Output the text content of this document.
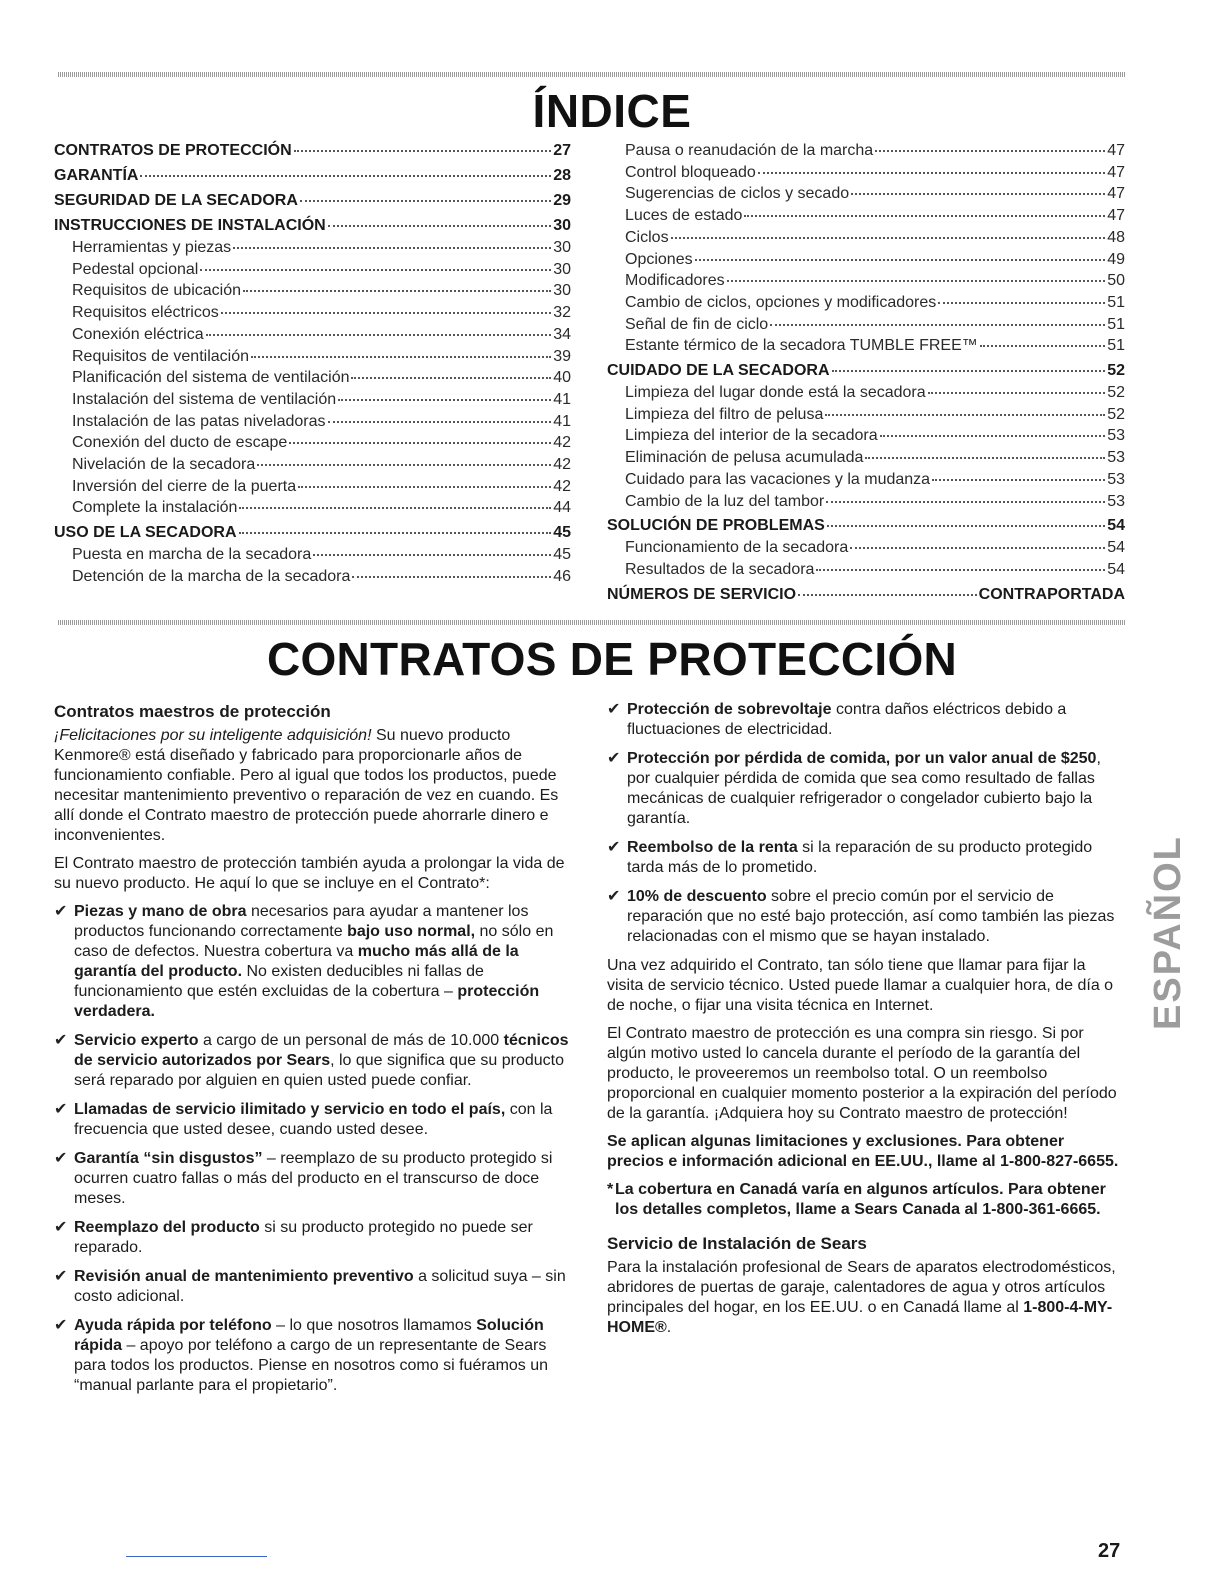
ÍNDICE
CONTRATOS DE PROTECCIÓN	27
GARANTÍA	28
SEGURIDAD DE LA SECADORA	29
INSTRUCCIONES DE INSTALACIÓN	30
Herramientas y piezas	30
Pedestal opcional	30
Requisitos de ubicación	30
Requisitos eléctricos	32
Conexión eléctrica	34
Requisitos de ventilación	39
Planificación del sistema de ventilación	40
Instalación del sistema de ventilación	41
Instalación de las patas niveladoras	41
Conexión del ducto de escape	42
Nivelación de la secadora	42
Inversión del cierre de la puerta	42
Complete la instalación	44
USO DE LA SECADORA	45
Puesta en marcha de la secadora	45
Detención de la marcha de la secadora	46
Pausa o reanudación de la marcha	47
Control bloqueado	47
Sugerencias de ciclos y secado	47
Luces de estado	47
Ciclos	48
Opciones	49
Modificadores	50
Cambio de ciclos, opciones y modificadores	51
Señal de fin de ciclo	51
Estante térmico de la secadora TUMBLE FREE™	51
CUIDADO DE LA SECADORA	52
Limpieza del lugar donde está la secadora	52
Limpieza del filtro de pelusa	52
Limpieza del interior de la secadora	53
Eliminación de pelusa acumulada	53
Cuidado para las vacaciones y la mudanza	53
Cambio de la luz del tambor	53
SOLUCIÓN DE PROBLEMAS	54
Funcionamiento de la secadora	54
Resultados de la secadora	54
NÚMEROS DE SERVICIO	CONTRAPORTADA
CONTRATOS DE PROTECCIÓN
Contratos maestros de protección

¡Felicitaciones por su inteligente adquisición! Su nuevo producto Kenmore® está diseñado y fabricado para proporcionarle años de funcionamiento confiable. Pero al igual que todos los productos, puede necesitar mantenimiento preventivo o reparación de vez en cuando. Es allí donde el Contrato maestro de protección puede ahorrarle dinero e inconvenientes.

El Contrato maestro de protección también ayuda a prolongar la vida de su nuevo producto. He aquí lo que se incluye en el Contrato*:

✔ Piezas y mano de obra necesarios para ayudar a mantener los productos funcionando correctamente bajo uso normal, no sólo en caso de defectos. Nuestra cobertura va mucho más allá de la garantía del producto. No existen deducibles ni fallas de funcionamiento que estén excluidas de la cobertura – protección verdadera.
✔ Servicio experto a cargo de un personal de más de 10.000 técnicos de servicio autorizados por Sears, lo que significa que su producto será reparado por alguien en quien usted puede confiar.
✔ Llamadas de servicio ilimitado y servicio en todo el país, con la frecuencia que usted desee, cuando usted desee.
✔ Garantía “sin disgustos” – reemplazo de su producto protegido si ocurren cuatro fallas o más del producto en el transcurso de doce meses.
✔ Reemplazo del producto si su producto protegido no puede ser reparado.
✔ Revisión anual de mantenimiento preventivo a solicitud suya – sin costo adicional.
✔ Ayuda rápida por teléfono – lo que nosotros llamamos Solución rápida – apoyo por teléfono a cargo de un representante de Sears para todos los productos. Piense en nosotros como si fuéramos un “manual parlante para el propietario”.
✔ Protección de sobrevoltaje contra daños eléctricos debido a fluctuaciones de electricidad.
✔ Protección por pérdida de comida, por un valor anual de $250, por cualquier pérdida de comida que sea como resultado de fallas mecánicas de cualquier refrigerador o congelador cubierto bajo la garantía.
✔ Reembolso de la renta si la reparación de su producto protegido tarda más de lo prometido.
✔ 10% de descuento sobre el precio común por el servicio de reparación que no esté bajo protección, así como también las piezas relacionadas con el mismo que se hayan instalado.

Una vez adquirido el Contrato, tan sólo tiene que llamar para fijar la visita de servicio técnico. Usted puede llamar a cualquier hora, de día o de noche, o fijar una visita técnica en Internet.

El Contrato maestro de protección es una compra sin riesgo. Si por algún motivo usted lo cancela durante el período de la garantía del producto, le proveeremos un reembolso total. O un reembolso proporcional en cualquier momento posterior a la expiración del período de la garantía. ¡Adquiera hoy su Contrato maestro de protección!

Se aplican algunas limitaciones y exclusiones. Para obtener precios e información adicional en EE.UU., llame al 1-800-827-6655.

* La cobertura en Canadá varía en algunos artículos. Para obtener los detalles completos, llame a Sears Canada al 1-800-361-6665.
Servicio de Instalación de Sears

Para la instalación profesional de Sears de aparatos electrodomésticos, abridores de puertas de garaje, calentadores de agua y otros artículos principales del hogar, en los EE.UU. o en Canadá llame al 1-800-4-MY-HOME®.

ESPAÑOL
27
